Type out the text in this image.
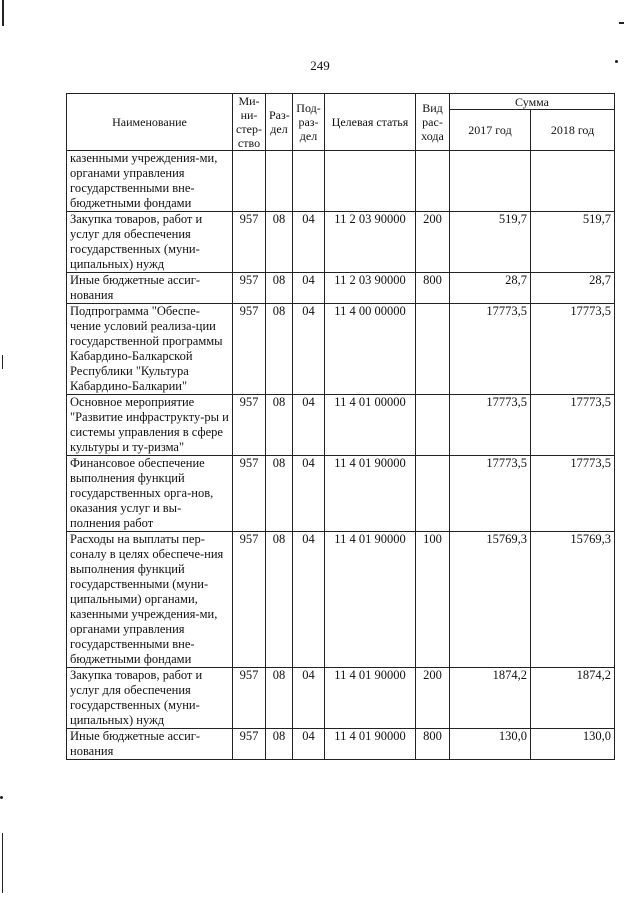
249
Наименование	Ми-ни-стер-ство	Раз-дел	Под-раз-дел	Целевая статья	Вид рас-хода	Сумма	
						2017 год	2018 год
казенными учреждения-ми, органами управления государственными вне-бюджетными фондами							
Закупка товаров, работ и услуг для обеспечения государственных (муни-ципальных) нужд	957	08	04	11 2 03 90000	200	519,7	519,7
Иные бюджетные ассиг-нования	957	08	04	11 2 03 90000	800	28,7	28,7
Подпрограмма "Обеспе-чение условий реализа-ции государственной программы Кабардино-Балкарской Республики "Культура Кабардино-Балкарии"	957	08	04	11 4 00 00000		17773,5	17773,5
Основное мероприятие "Развитие инфраструкту-ры и системы управления в сфере культуры и ту-ризма"	957	08	04	11 4 01 00000		17773,5	17773,5
Финансовое обеспечение выполнения функций государственных орга-нов, оказания услуг и вы-полнения работ	957	08	04	11 4 01 90000		17773,5	17773,5
Расходы на выплаты пер-соналу в целях обеспече-ния выполнения функций государственными (муни-ципальными) органами, казенными учреждения-ми, органами управления государственными вне-бюджетными фондами	957	08	04	11 4 01 90000	100	15769,3	15769,3
Закупка товаров, работ и услуг для обеспечения государственных (муни-ципальных) нужд	957	08	04	11 4 01 90000	200	1874,2	1874,2
Иные бюджетные ассиг-нования	957	08	04	11 4 01 90000	800	130,0	130,0
